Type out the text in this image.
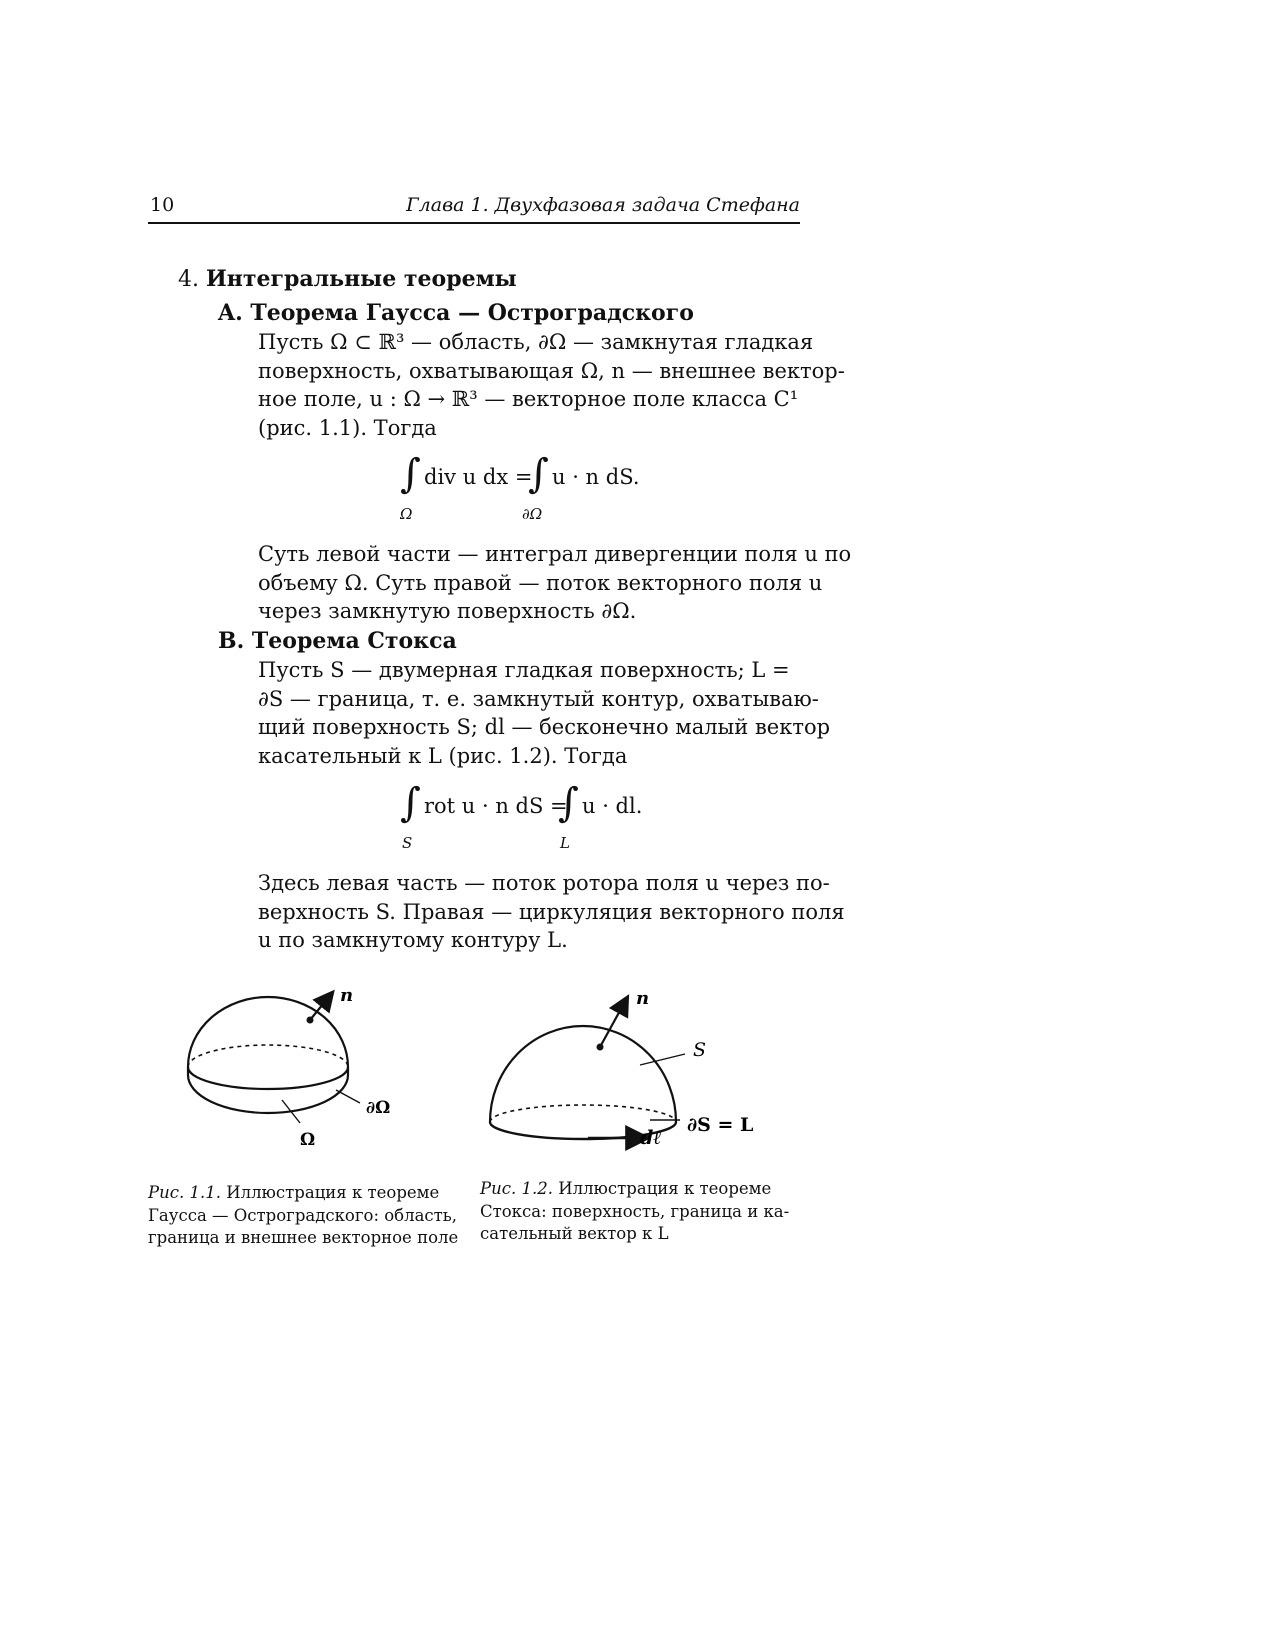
10	Глава 1. Двухфазовая задача Стефана
4. Интегральные теоремы
A. Теорема Гаусса — Остроградского
Пусть Ω ⊂ ℝ³ — область, ∂Ω — замкнутая гладкая
поверхность, охватывающая Ω, n — внешнее вектор-
ное поле, u : Ω → ℝ³ — векторное поле класса C¹
(рис. 1.1). Тогда
∫
Ω
div u dx =
∫
∂Ω
u · n dS.
Суть левой части — интеграл дивергенции поля u по
объему Ω. Суть правой — поток векторного поля u
через замкнутую поверхность ∂Ω.
B. Теорема Стокса
Пусть S — двумерная гладкая поверхность; L =
∂S — граница, т. е. замкнутый контур, охватываю-
щий поверхность S; dl — бесконечно малый вектор
касательный к L (рис. 1.2). Тогда
∫
S
rot u · n dS =
∫
L
u · dl.
Здесь левая часть — поток ротора поля u через по-
верхность S. Правая — циркуляция векторного поля
u по замкнутому контуру L.
n
∂Ω
Ω
Рис. 1.1. Иллюстрация к теореме
Гаусса — Остроградского: область,
граница и внешнее векторное поле
n
S
dℓ
∂S = L
Рис. 1.2. Иллюстрация к теореме
Стокса: поверхность, граница и ка-
сательный вектор к L
